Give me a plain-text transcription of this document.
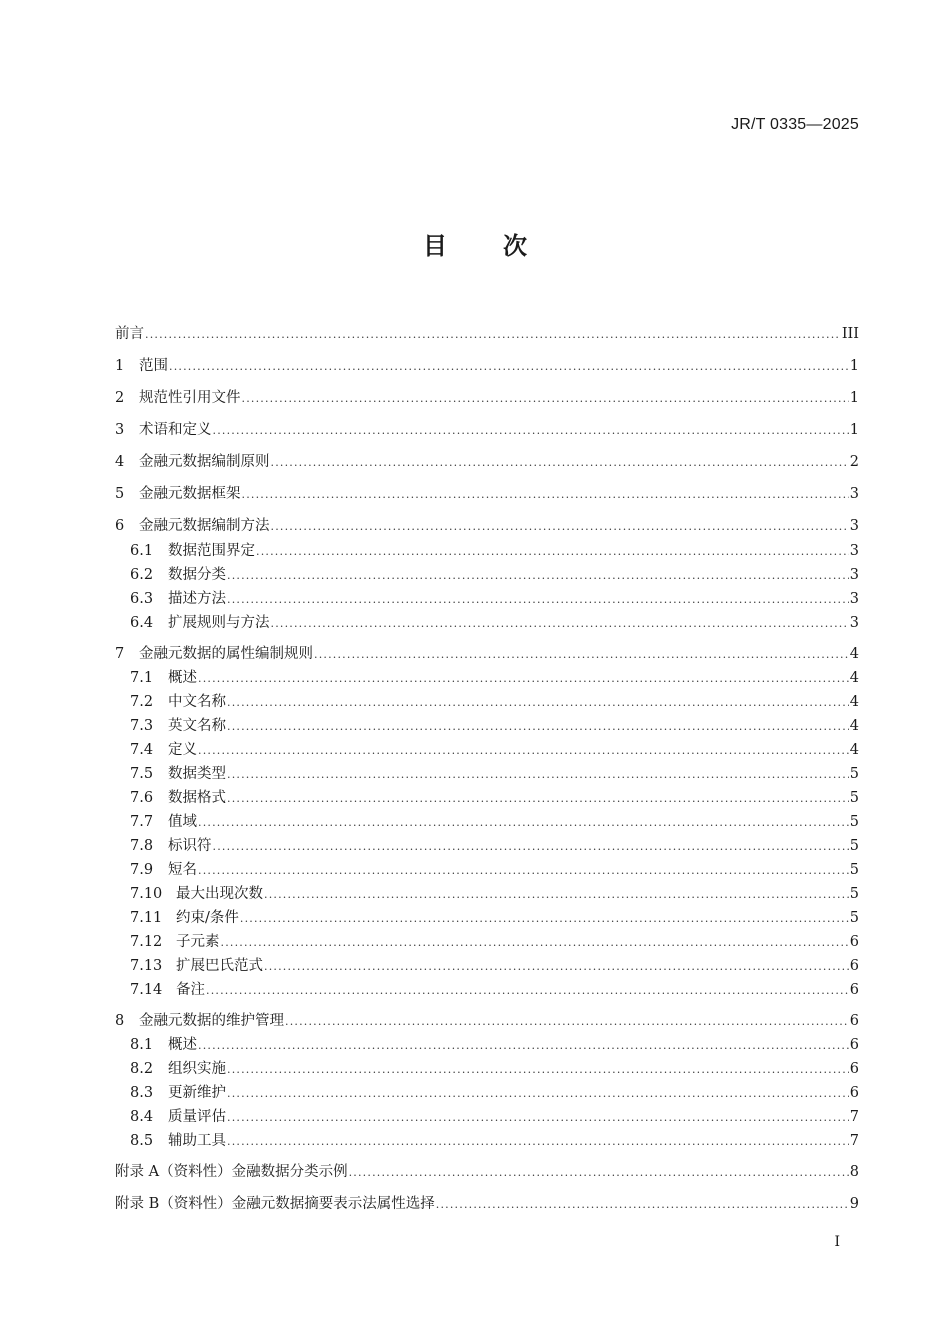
JR/T 0335—2025
目 次
前言 .....	III
1	范围 .....	1
2	规范性引用文件 .....	1
3	术语和定义 .....	1
4	金融元数据编制原则 .....	2
5	金融元数据框架 .....	3
6	金融元数据编制方法 .....	3
6.1	数据范围界定 .....	3
6.2	数据分类 .....	3
6.3	描述方法 .....	3
6.4	扩展规则与方法 .....	3
7	金融元数据的属性编制规则 .....	4
7.1	概述 .....	4
7.2	中文名称 .....	4
7.3	英文名称 .....	4
7.4	定义 .....	4
7.5	数据类型 .....	5
7.6	数据格式 .....	5
7.7	值域 .....	5
7.8	标识符 .....	5
7.9	短名 .....	5
7.10 最大出现次数 .....	5
7.11 约束/条件 .....	5
7.12 子元素 .....	6
7.13 扩展巴氏范式 .....	6
7.14 备注 .....	6
8	金融元数据的维护管理 .....	6
8.1	概述 .....	6
8.2	组织实施 .....	6
8.3	更新维护 .....	6
8.4	质量评估 .....	7
8.5	辅助工具 .....	7
附录 A（资料性）金融数据分类示例 .....	8
附录 B（资料性）金融元数据摘要表示法属性选择 .....	9
I
